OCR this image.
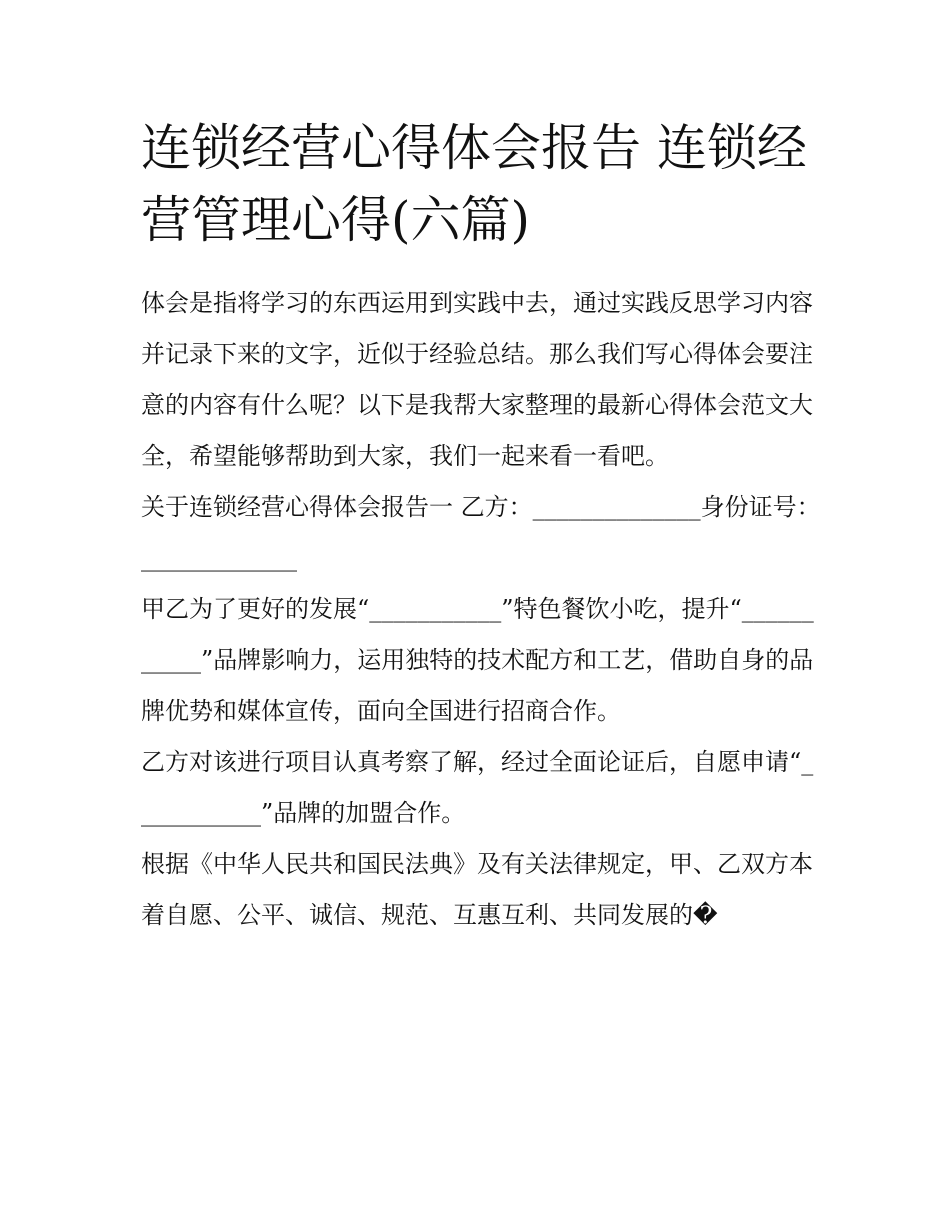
连锁经营心得体会报告 连锁经营管理心得(六篇)

体会是指将学习的东西运用到实践中去，通过实践反思学习内容并记录下来的文字，近似于经验总结。那么我们写心得体会要注意的内容有什么呢？以下是我帮大家整理的最新心得体会范文大全，希望能够帮助到大家，我们一起来看一看吧。

关于连锁经营心得体会报告一 乙方：______________身份证号：_____________

甲乙为了更好的发展“___________”特色餐饮小吃，提升“___________”品牌影响力，运用独特的技术配方和工艺，借助自身的品牌优势和媒体宣传，面向全国进行招商合作。

乙方对该进行项目认真考察了解，经过全面论证后，自愿申请“___________”品牌的加盟合作。

根据《中华人民共和国民法典》及有关法律规定，甲、乙双方本着自愿、公平、诚信、规范、互惠互利、共同发展的�
